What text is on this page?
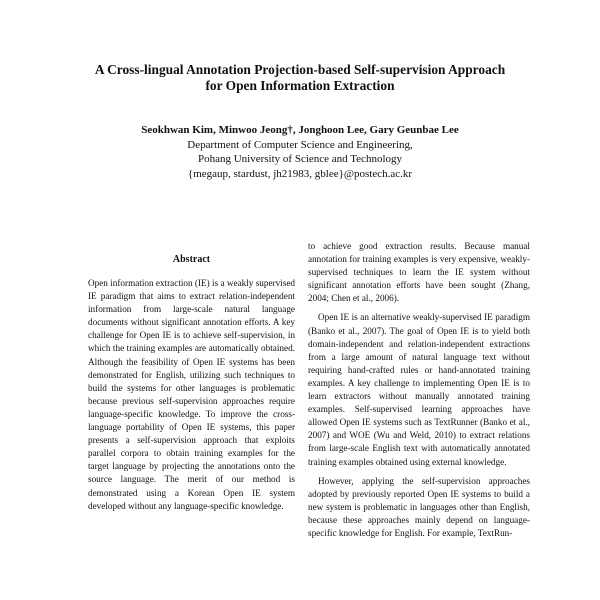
A Cross-lingual Annotation Projection-based Self-supervision Approach
for Open Information Extraction
Seokhwan Kim, Minwoo Jeong†, Jonghoon Lee, Gary Geunbae Lee
Department of Computer Science and Engineering,
Pohang University of Science and Technology
{megaup, stardust, jh21983, gblee}@postech.ac.kr
Abstract

Open information extraction (IE) is a weakly supervised IE paradigm that aims to extract relation-independent information from large-scale natural language documents without significant annotation efforts. A key challenge for Open IE is to achieve self-supervision, in which the training examples are automatically obtained. Although the feasibility of Open IE systems has been demonstrated for English, utilizing such techniques to build the systems for other languages is problematic because previous self-supervision approaches require language-specific knowledge. To improve the cross-language portability of Open IE systems, this paper presents a self-supervision approach that exploits parallel corpora to obtain training examples for the target language by projecting the annotations onto the source language. The merit of our method is demonstrated using a Korean Open IE system developed without any language-specific knowledge.

to achieve good extraction results. Because manual annotation for training examples is very expensive, weakly-supervised techniques to learn the IE system without significant annotation efforts have been sought (Zhang, 2004; Chen et al., 2006).

Open IE is an alternative weakly-supervised IE paradigm (Banko et al., 2007). The goal of Open IE is to yield both domain-independent and relation-independent extractions from a large amount of natural language text without requiring hand-crafted rules or hand-annotated training examples. A key challenge to implementing Open IE is to learn extractors without manually annotated training examples. Self-supervised learning approaches have allowed Open IE systems such as TextRunner (Banko et al., 2007) and WOE (Wu and Weld, 2010) to extract relations from large-scale English text with automatically annotated training examples obtained using external knowledge.

However, applying the self-supervision approaches adopted by previously reported Open IE systems to build a new system is problematic in languages other than English, because these approaches mainly depend on language-specific knowledge for English. For example, TextRun-
